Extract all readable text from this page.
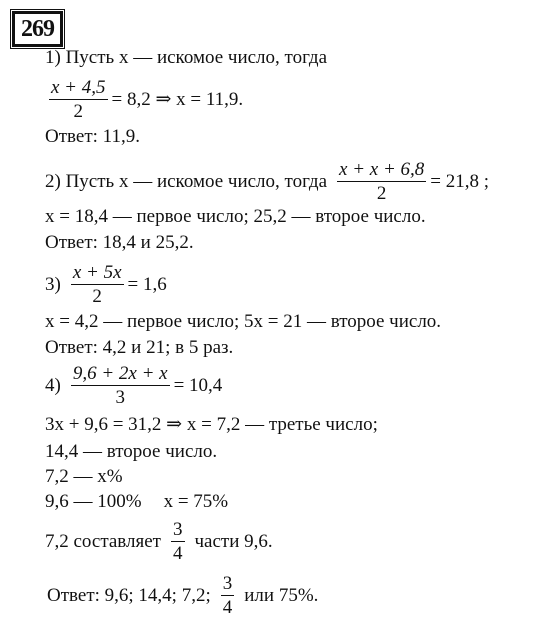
269
1) Пусть x — искомое число, тогда
$\frac{x + 4,5}{2} = 8,2$ ⇒ x = 11,9.
Ответ: 11,9.
2) Пусть x — искомое число, тогда $\frac{x + x + 6,8}{2} = 21,8$ ;
x = 18,4 — первое число; 25,2 — второе число.
Ответ: 18,4 и 25,2.
$3) \frac{x + 5x}{2} = 1,6$
x = 4,2 — первое число; 5x = 21 — второе число.
Ответ: 4,2 и 21; в 5 раз.
$4) \frac{9,6 + 2x + x}{3} = 10,4$
3x + 9,6 = 31,2 ⇒ x = 7,2 — третье число;
14,4 — второе число.
7,2 — x%
9,6 — 100% x = 75%
7,2 составляет $\frac{3}{4}$ части 9,6.
Ответ: 9,6; 14,4; 7,2; $\frac{3}{4}$ или 75%.
